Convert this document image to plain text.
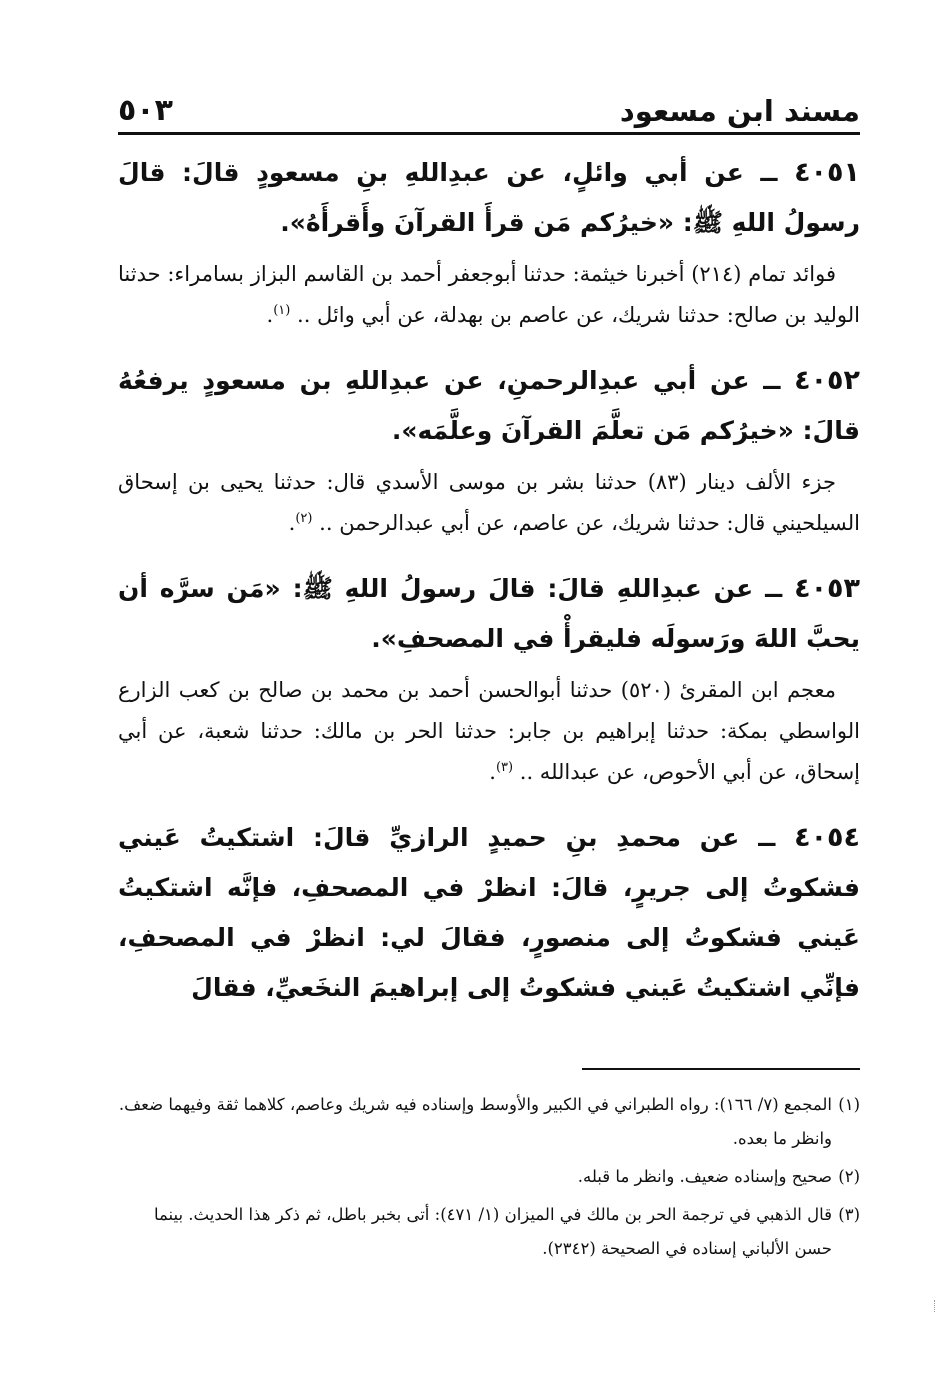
مسند ابن مسعود
٥٠٣

٤٠٥١ ــ عن أبي وائلٍ، عن عبدِاللهِ بنِ مسعودٍ قالَ: قالَ رسولُ اللهِ ﷺ: «خيرُكم مَن قرأَ القرآنَ وأَقرأَهُ».

فوائد تمام (٢١٤) أخبرنا خيثمة: حدثنا أبوجعفر أحمد بن القاسم البزاز بسامراء: حدثنا الوليد بن صالح: حدثنا شريك، عن عاصم بن بهدلة، عن أبي وائل .. $^{(١)}$.

٤٠٥٢ ــ عن أبي عبدِالرحمنِ، عن عبدِاللهِ بن مسعودٍ يرفعُهُ قالَ: «خيرُكم مَن تعلَّمَ القرآنَ وعلَّمَه».

جزء الألف دينار (٨٣) حدثنا بشر بن موسى الأسدي قال: حدثنا يحيى بن إسحاق السيلحيني قال: حدثنا شريك، عن عاصم، عن أبي عبدالرحمن .. $^{(٢)}$.

٤٠٥٣ ــ عن عبدِاللهِ قالَ: قالَ رسولُ اللهِ ﷺ: «مَن سرَّه أن يحبَّ اللهَ ورَسولَه فليقرأْ في المصحفِ».

معجم ابن المقرئ (٥٢٠) حدثنا أبوالحسن أحمد بن محمد بن صالح بن كعب الزارع الواسطي بمكة: حدثنا إبراهيم بن جابر: حدثنا الحر بن مالك: حدثنا شعبة، عن أبي إسحاق، عن أبي الأحوص، عن عبدالله .. $^{(٣)}$.

٤٠٥٤ ــ عن محمدِ بنِ حميدٍ الرازيِّ قالَ: اشتكيتُ عَيني فشكوتُ إلى جريرٍ، قالَ: انظرْ في المصحفِ، فإنَّه اشتكيتُ عَيني فشكوتُ إلى منصورٍ، فقالَ لي: انظرْ في المصحفِ، فإنِّي اشتكيتُ عَيني فشكوتُ إلى إبراهيمَ النخَعيِّ، فقالَ

(١)
المجمع (٧/ ١٦٦): رواه الطبراني في الكبير والأوسط وإسناده فيه شريك وعاصم، كلاهما ثقة وفيهما ضعف. وانظر ما بعده.

(٢)
صحيح وإسناده ضعيف. وانظر ما قبله.

(٣)
قال الذهبي في ترجمة الحر بن مالك في الميزان (١/ ٤٧١): أتى بخبر باطل، ثم ذكر هذا الحديث. بينما حسن الألباني إسناده في الصحيحة (٢٣٤٢).
